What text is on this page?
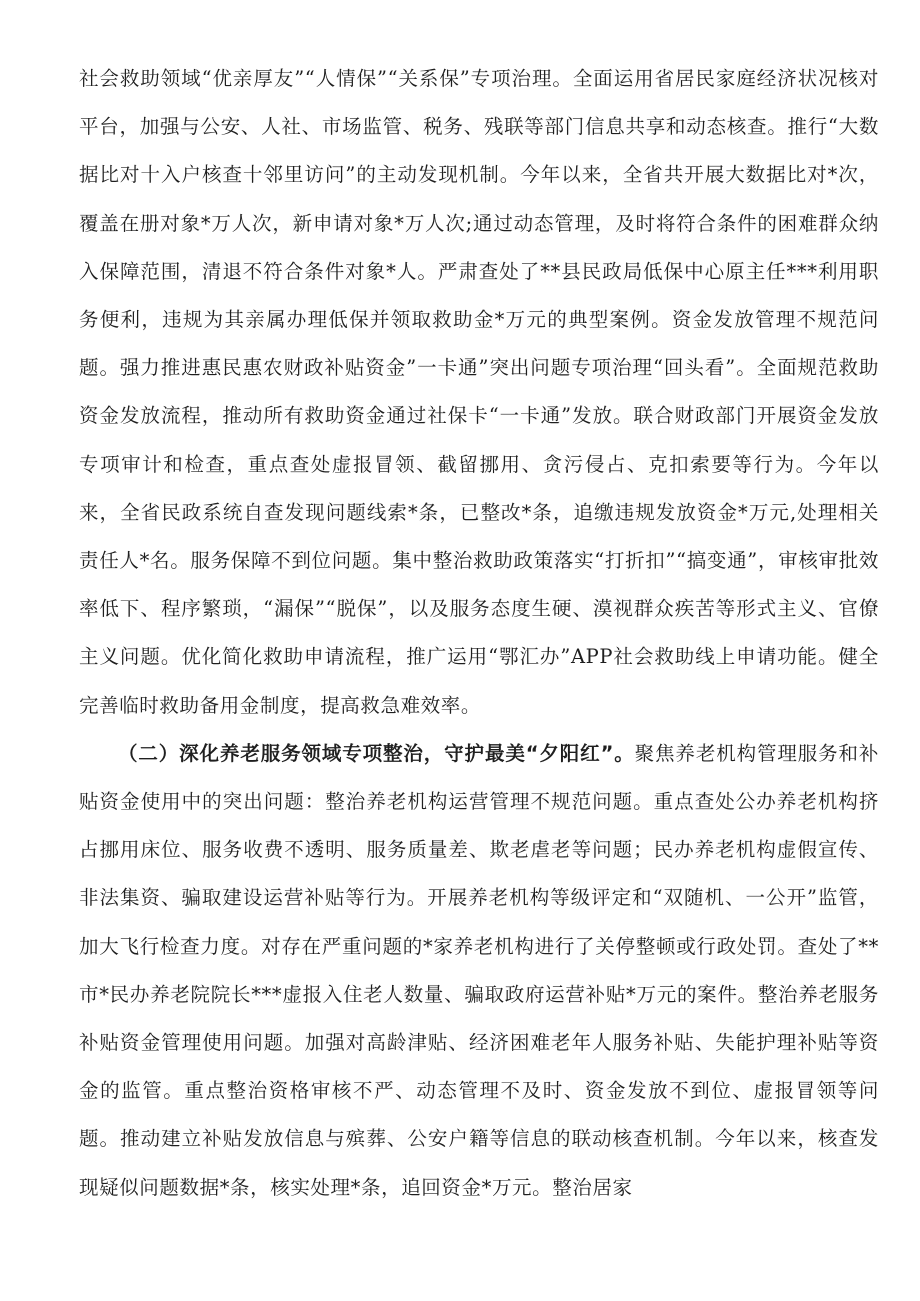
社会救助领域“优亲厚友”“人情保”“关系保”专项治理。全面运用省居民家庭经济状况核对平台，加强与公安、人社、市场监管、税务、残联等部门信息共享和动态核查。推行“大数据比对十入户核查十邻里访问”的主动发现机制。今年以来，全省共开展大数据比对*次，覆盖在册对象*万人次，新申请对象*万人次;通过动态管理，及时将符合条件的困难群众纳入保障范围，清退不符合条件对象*人。严肃查处了**县民政局低保中心原主任***利用职务便利，违规为其亲属办理低保并领取救助金*万元的典型案例。资金发放管理不规范问题。强力推进惠民惠农财政补贴资金”一卡通”突出问题专项治理“回头看”。全面规范救助资金发放流程，推动所有救助资金通过社保卡“一卡通”发放。联合财政部门开展资金发放专项审计和检查，重点查处虚报冒领、截留挪用、贪污侵占、克扣索要等行为。今年以来，全省民政系统自查发现问题线索*条，已整改*条，追缴违规发放资金*万元,处理相关责任人*名。服务保障不到位问题。集中整治救助政策落实“打折扣”“搞变通”，审核审批效率低下、程序繁琐，“漏保”“脱保”，以及服务态度生硬、漠视群众疾苦等形式主义、官僚主义问题。优化简化救助申请流程，推广运用“鄂汇办”APP社会救助线上申请功能。健全完善临时救助备用金制度，提高救急难效率。

（二）深化养老服务领域专项整治，守护最美“夕阳红”。聚焦养老机构管理服务和补贴资金使用中的突出问题：整治养老机构运营管理不规范问题。重点查处公办养老机构挤占挪用床位、服务收费不透明、服务质量差、欺老虐老等问题；民办养老机构虚假宣传、非法集资、骗取建设运营补贴等行为。开展养老机构等级评定和“双随机、一公开”监管，加大飞行检查力度。对存在严重问题的*家养老机构进行了关停整顿或行政处罚。查处了**市*民办养老院院长***虚报入住老人数量、骗取政府运营补贴*万元的案件。整治养老服务补贴资金管理使用问题。加强对高龄津贴、经济困难老年人服务补贴、失能护理补贴等资金的监管。重点整治资格审核不严、动态管理不及时、资金发放不到位、虚报冒领等问题。推动建立补贴发放信息与殡葬、公安户籍等信息的联动核查机制。今年以来，核查发现疑似问题数据*条，核实处理*条，追回资金*万元。整治居家
